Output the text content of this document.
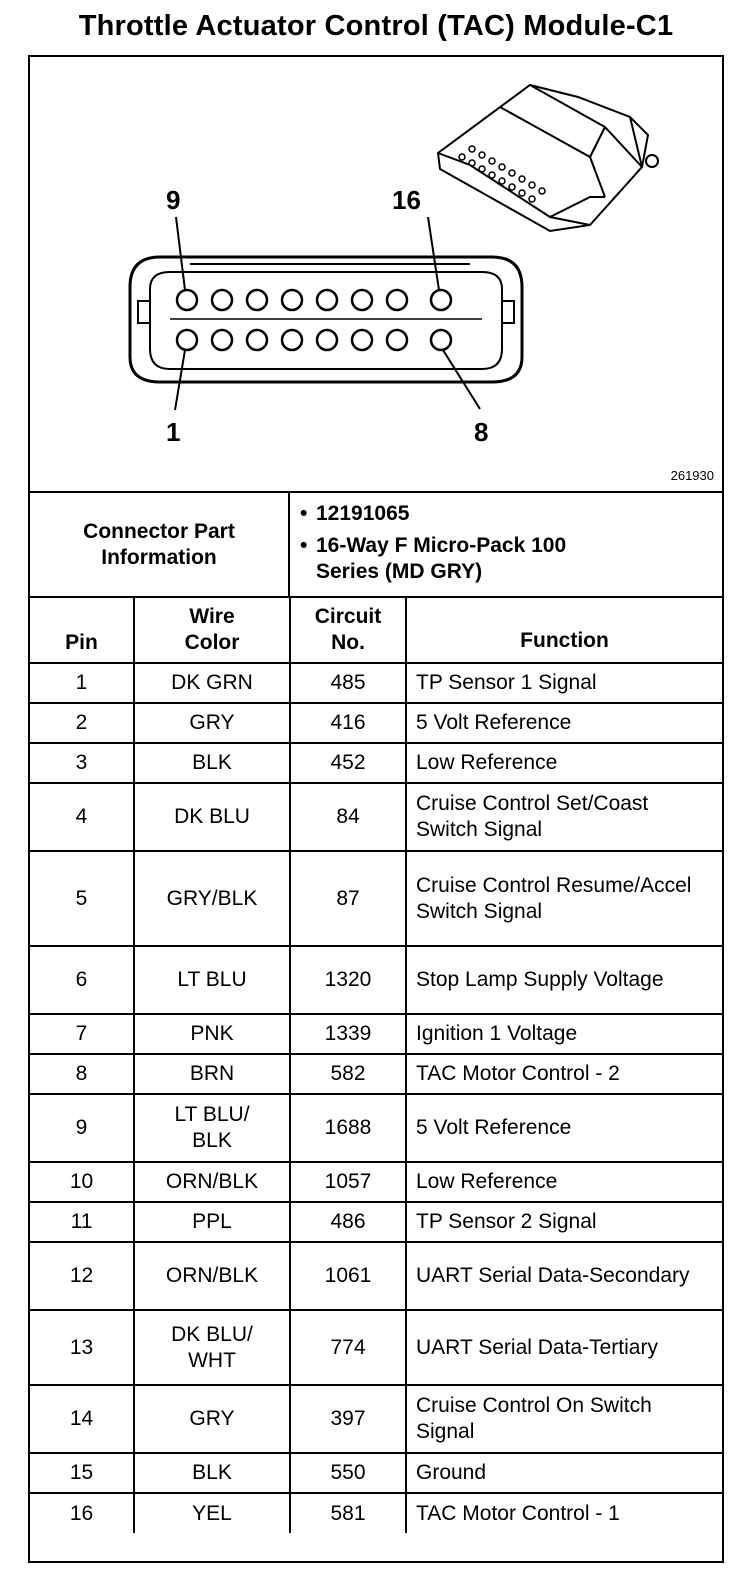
Throttle Actuator Control (TAC) Module-C1
9	16
1	8
261930
Connector Part Information
• 12191065
• 16-Way F Micro-Pack 100 Series (MD GRY)
Pin	Wire Color	Circuit No.	Function
1	DK GRN	485	TP Sensor 1 Signal
2	GRY	416	5 Volt Reference
3	BLK	452	Low Reference
4	DK BLU	84	Cruise Control Set/Coast Switch Signal
5	GRY/BLK	87	Cruise Control Resume/Accel Switch Signal
6	LT BLU	1320	Stop Lamp Supply Voltage
7	PNK	1339	Ignition 1 Voltage
8	BRN	582	TAC Motor Control - 2
9	LT BLU/ BLK	1688	5 Volt Reference
10	ORN/BLK	1057	Low Reference
11	PPL	486	TP Sensor 2 Signal
12	ORN/BLK	1061	UART Serial Data-Secondary
13	DK BLU/ WHT	774	UART Serial Data-Tertiary
14	GRY	397	Cruise Control On Switch Signal
15	BLK	550	Ground
16	YEL	581	TAC Motor Control - 1
